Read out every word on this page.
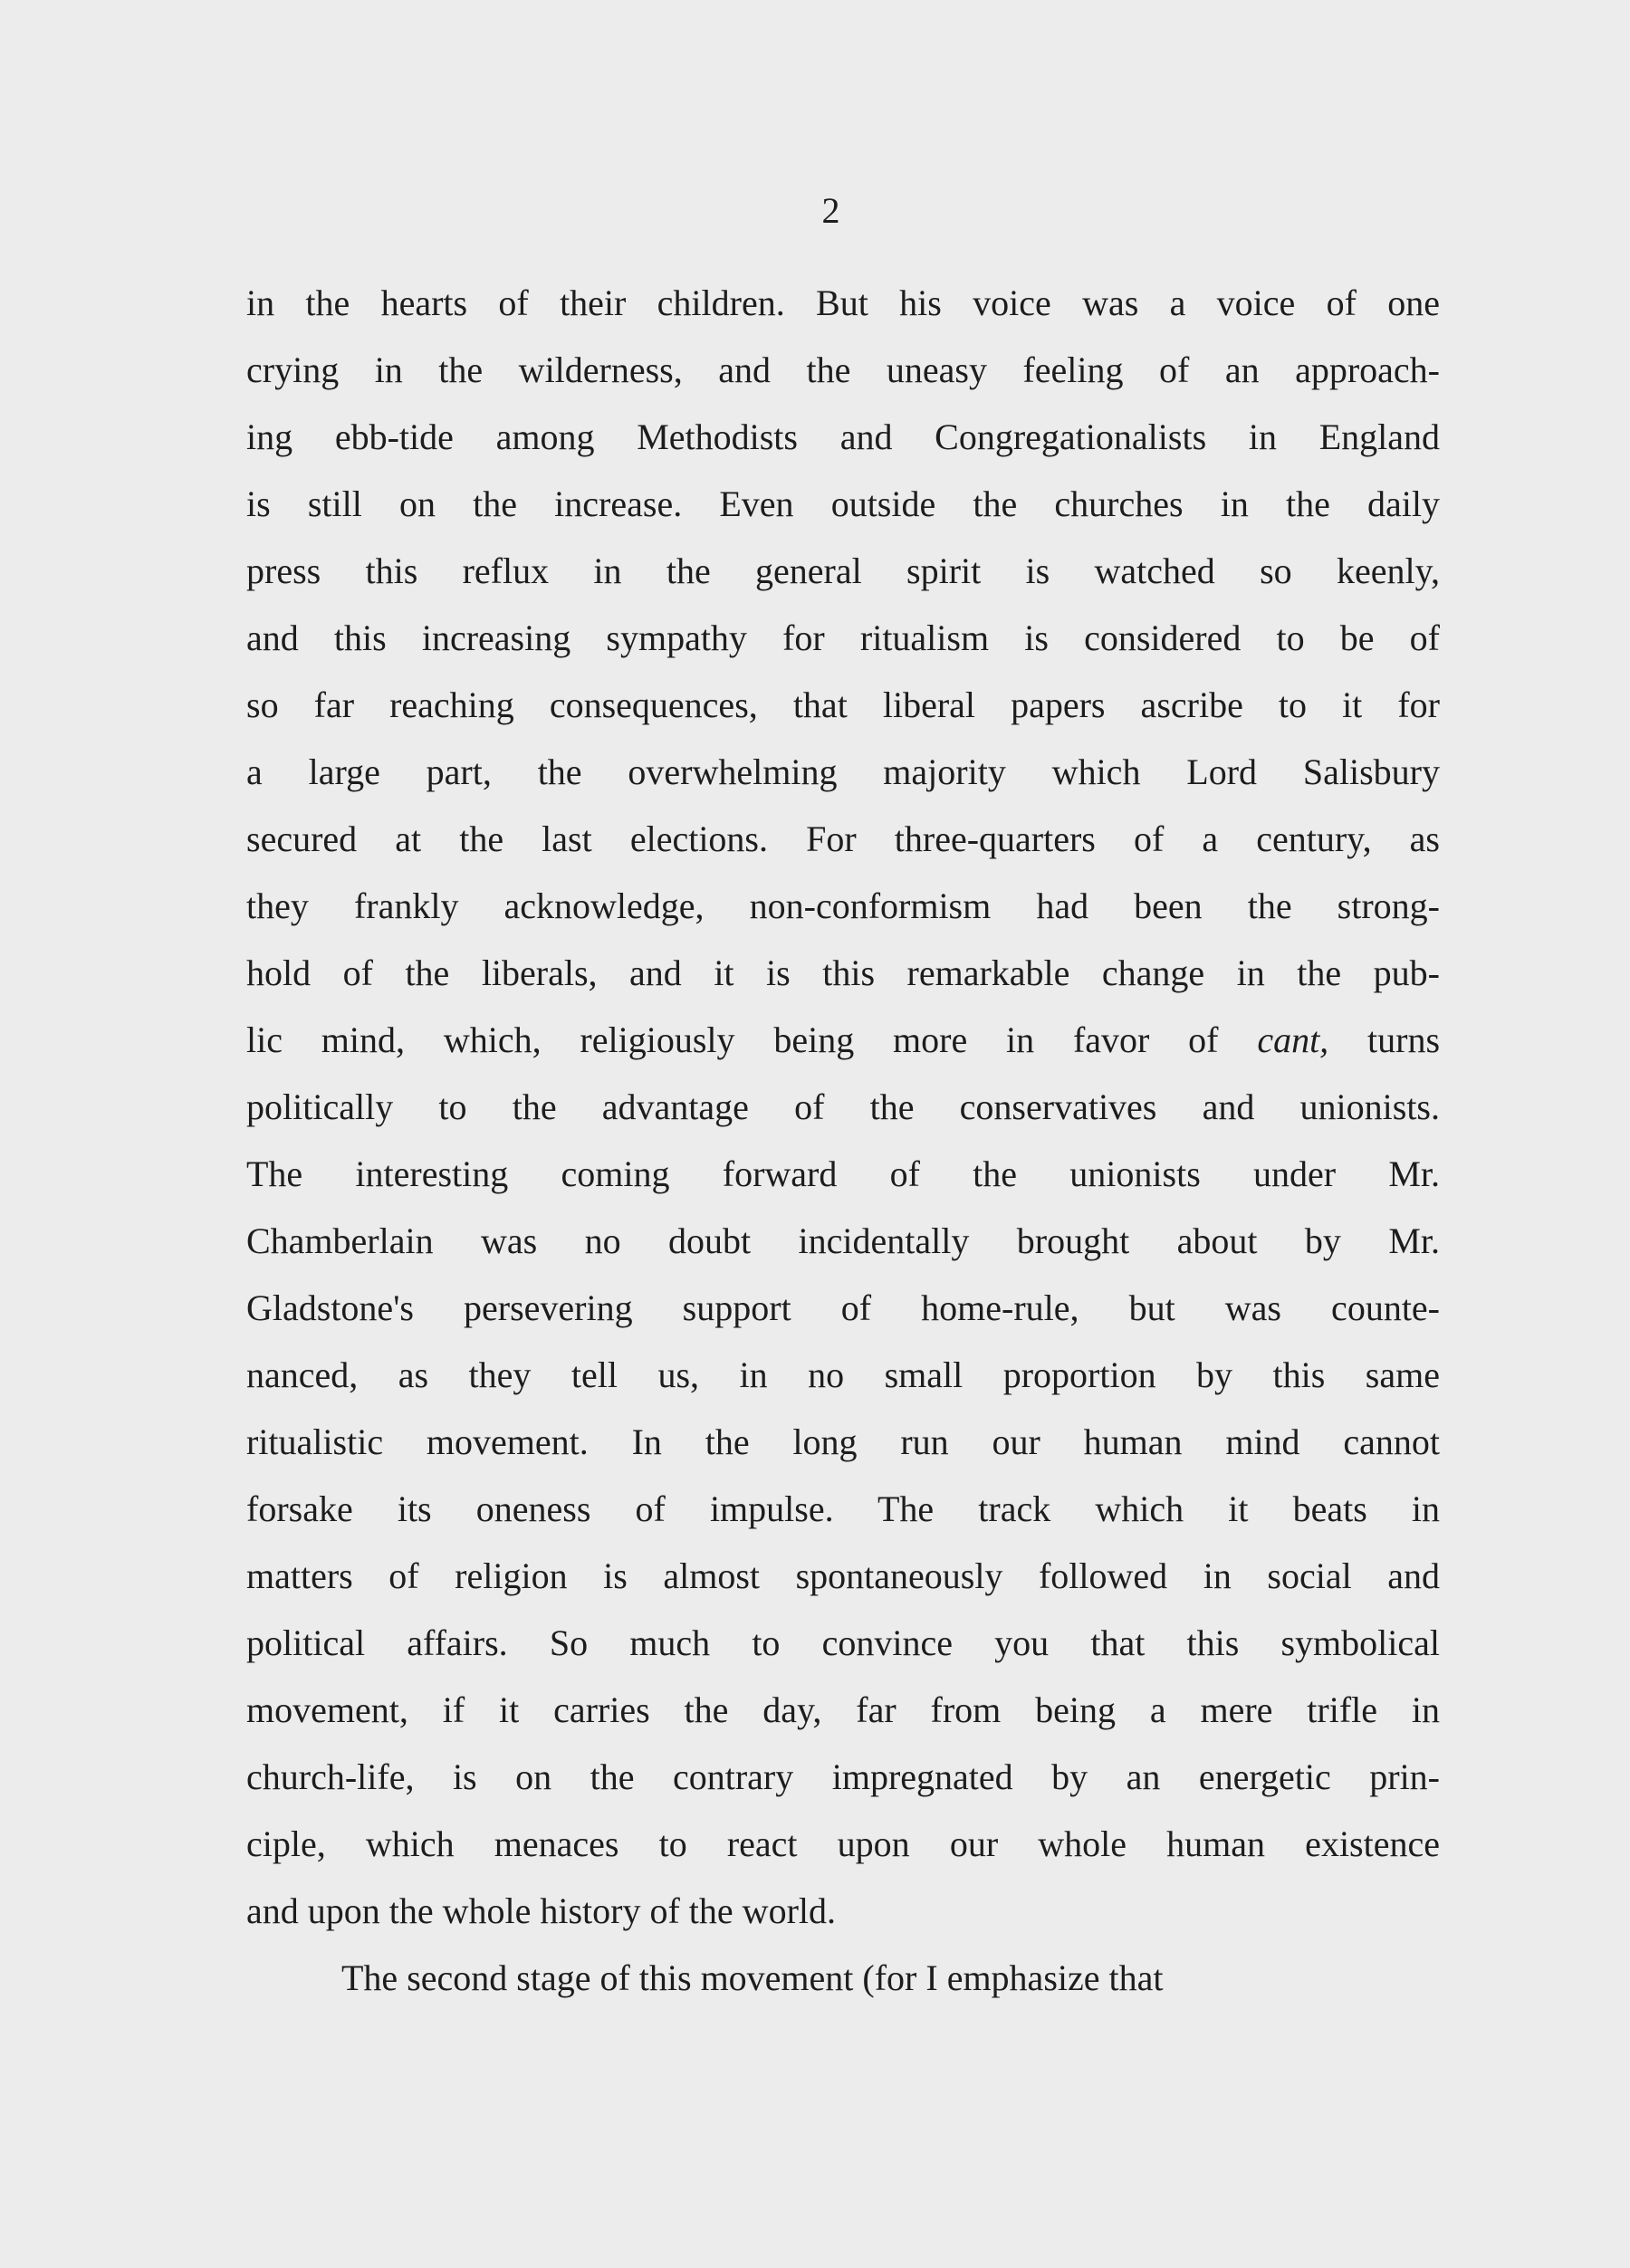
2
in the hearts of their children. But his voice was a voice of one
crying in the wilderness, and the uneasy feeling of an approach-
ing ebb-tide among Methodists and Congregationalists in England
is still on the increase. Even outside the churches in the daily
press this reflux in the general spirit is watched so keenly,
and this increasing sympathy for ritualism is considered to be of
so far reaching consequences, that liberal papers ascribe to it for
a large part, the overwhelming majority which Lord Salisbury
secured at the last elections. For three-quarters of a century, as
they frankly acknowledge, non-conformism had been the strong-
hold of the liberals, and it is this remarkable change in the pub-
lic mind, which, religiously being more in favor of cant, turns
politically to the advantage of the conservatives and unionists.
The interesting coming forward of the unionists under Mr.
Chamberlain was no doubt incidentally brought about by Mr.
Gladstone's persevering support of home-rule, but was counte-
nanced, as they tell us, in no small proportion by this same
ritualistic movement. In the long run our human mind cannot
forsake its oneness of impulse. The track which it beats in
matters of religion is almost spontaneously followed in social and
political affairs. So much to convince you that this symbolical
movement, if it carries the day, far from being a mere trifle in
church-life, is on the contrary impregnated by an energetic prin-
ciple, which menaces to react upon our whole human existence
and upon the whole history of the world.
The second stage of this movement (for I emphasize that
